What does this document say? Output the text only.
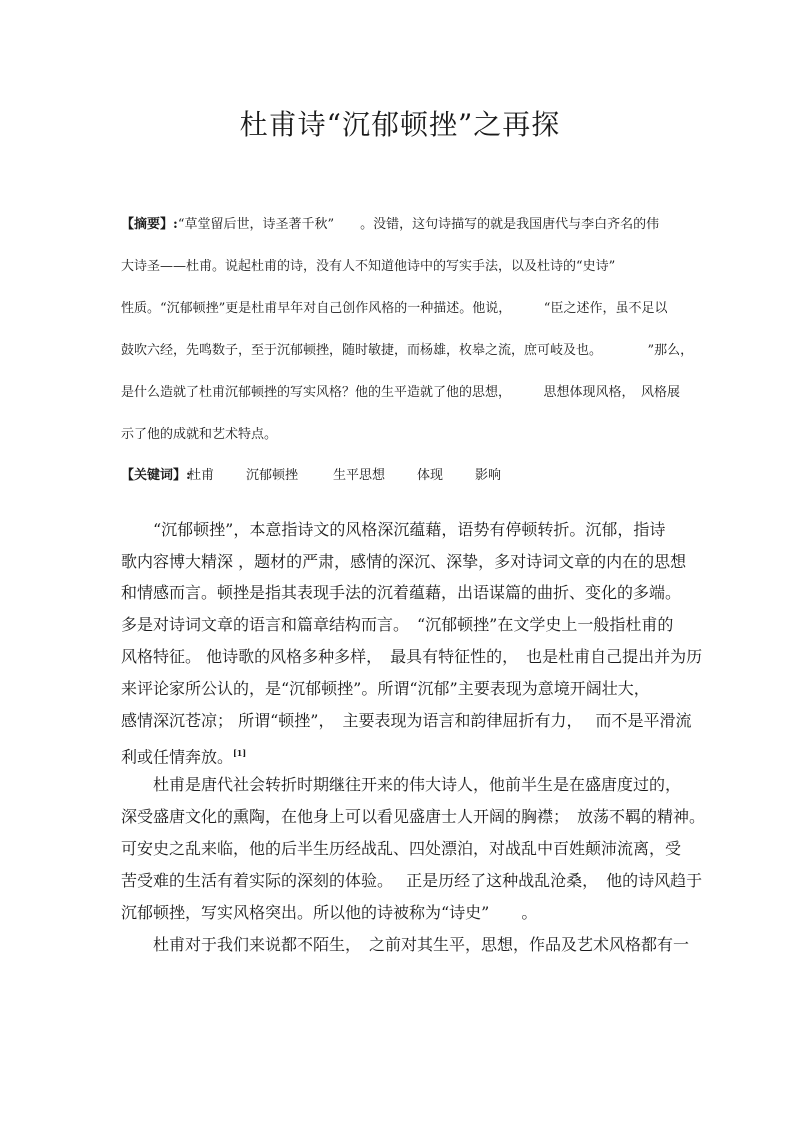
杜甫诗“沉郁顿挫”之再探
【摘要】:“草堂留后世，诗圣著千秋”　　。没错，这句诗描写的就是我国唐代与李白齐名的伟
大诗圣——杜甫。说起杜甫的诗，没有人不知道他诗中的写实手法，以及杜诗的“史诗”
性质。“沉郁顿挫”更是杜甫早年对自己创作风格的一种描述。他说，　　　“臣之述作，虽不足以
鼓吹六经，先鸣数子，至于沉郁顿挫，随时敏捷，而杨雄，枚皋之流，庶可岐及也。　　　　”那么，
是什么造就了杜甫沉郁顿挫的写实风格？他的生平造就了他的思想，　　　思想体现风格，　风格展
示了他的成就和艺术特点。
【关键词】:
杜甫 沉郁顿挫	生平思想 体现 影响
　　“沉郁顿挫”，本意指诗文的风格深沉蕴藉，语势有停顿转折。沉郁，指诗
歌内容博大精深 ，题材的严肃，感情的深沉、深挚，多对诗词文章的内在的思想
和情感而言。顿挫是指其表现手法的沉着蕴藉，出语谋篇的曲折、变化的多端。
多是对诗词文章的语言和篇章结构而言。　“沉郁顿挫”在文学史上一般指杜甫的
风格特征。 他诗歌的风格多种多样，　最具有特征性的，　也是杜甫自己提出并为历
来评论家所公认的，是“沉郁顿挫”。所谓“沉郁”主要表现为意境开阔壮大，
感情深沉苍凉； 所谓“顿挫”，　主要表现为语言和韵律屈折有力，　 而不是平滑流
利或任情奔放。[1]
　　杜甫是唐代社会转折时期继往开来的伟大诗人，他前半生是在盛唐度过的，
深受盛唐文化的熏陶，在他身上可以看见盛唐士人开阔的胸襟；　放荡不羁的精神。
可安史之乱来临，他的后半生历经战乱、四处漂泊，对战乱中百姓颠沛流离，受
苦受难的生活有着实际的深刻的体验。　 正是历经了这种战乱沧桑，　他的诗风趋于
沉郁顿挫，写实风格突出。所以他的诗被称为“诗史”　　。
　　杜甫对于我们来说都不陌生，　之前对其生平，思想，作品及艺术风格都有一
